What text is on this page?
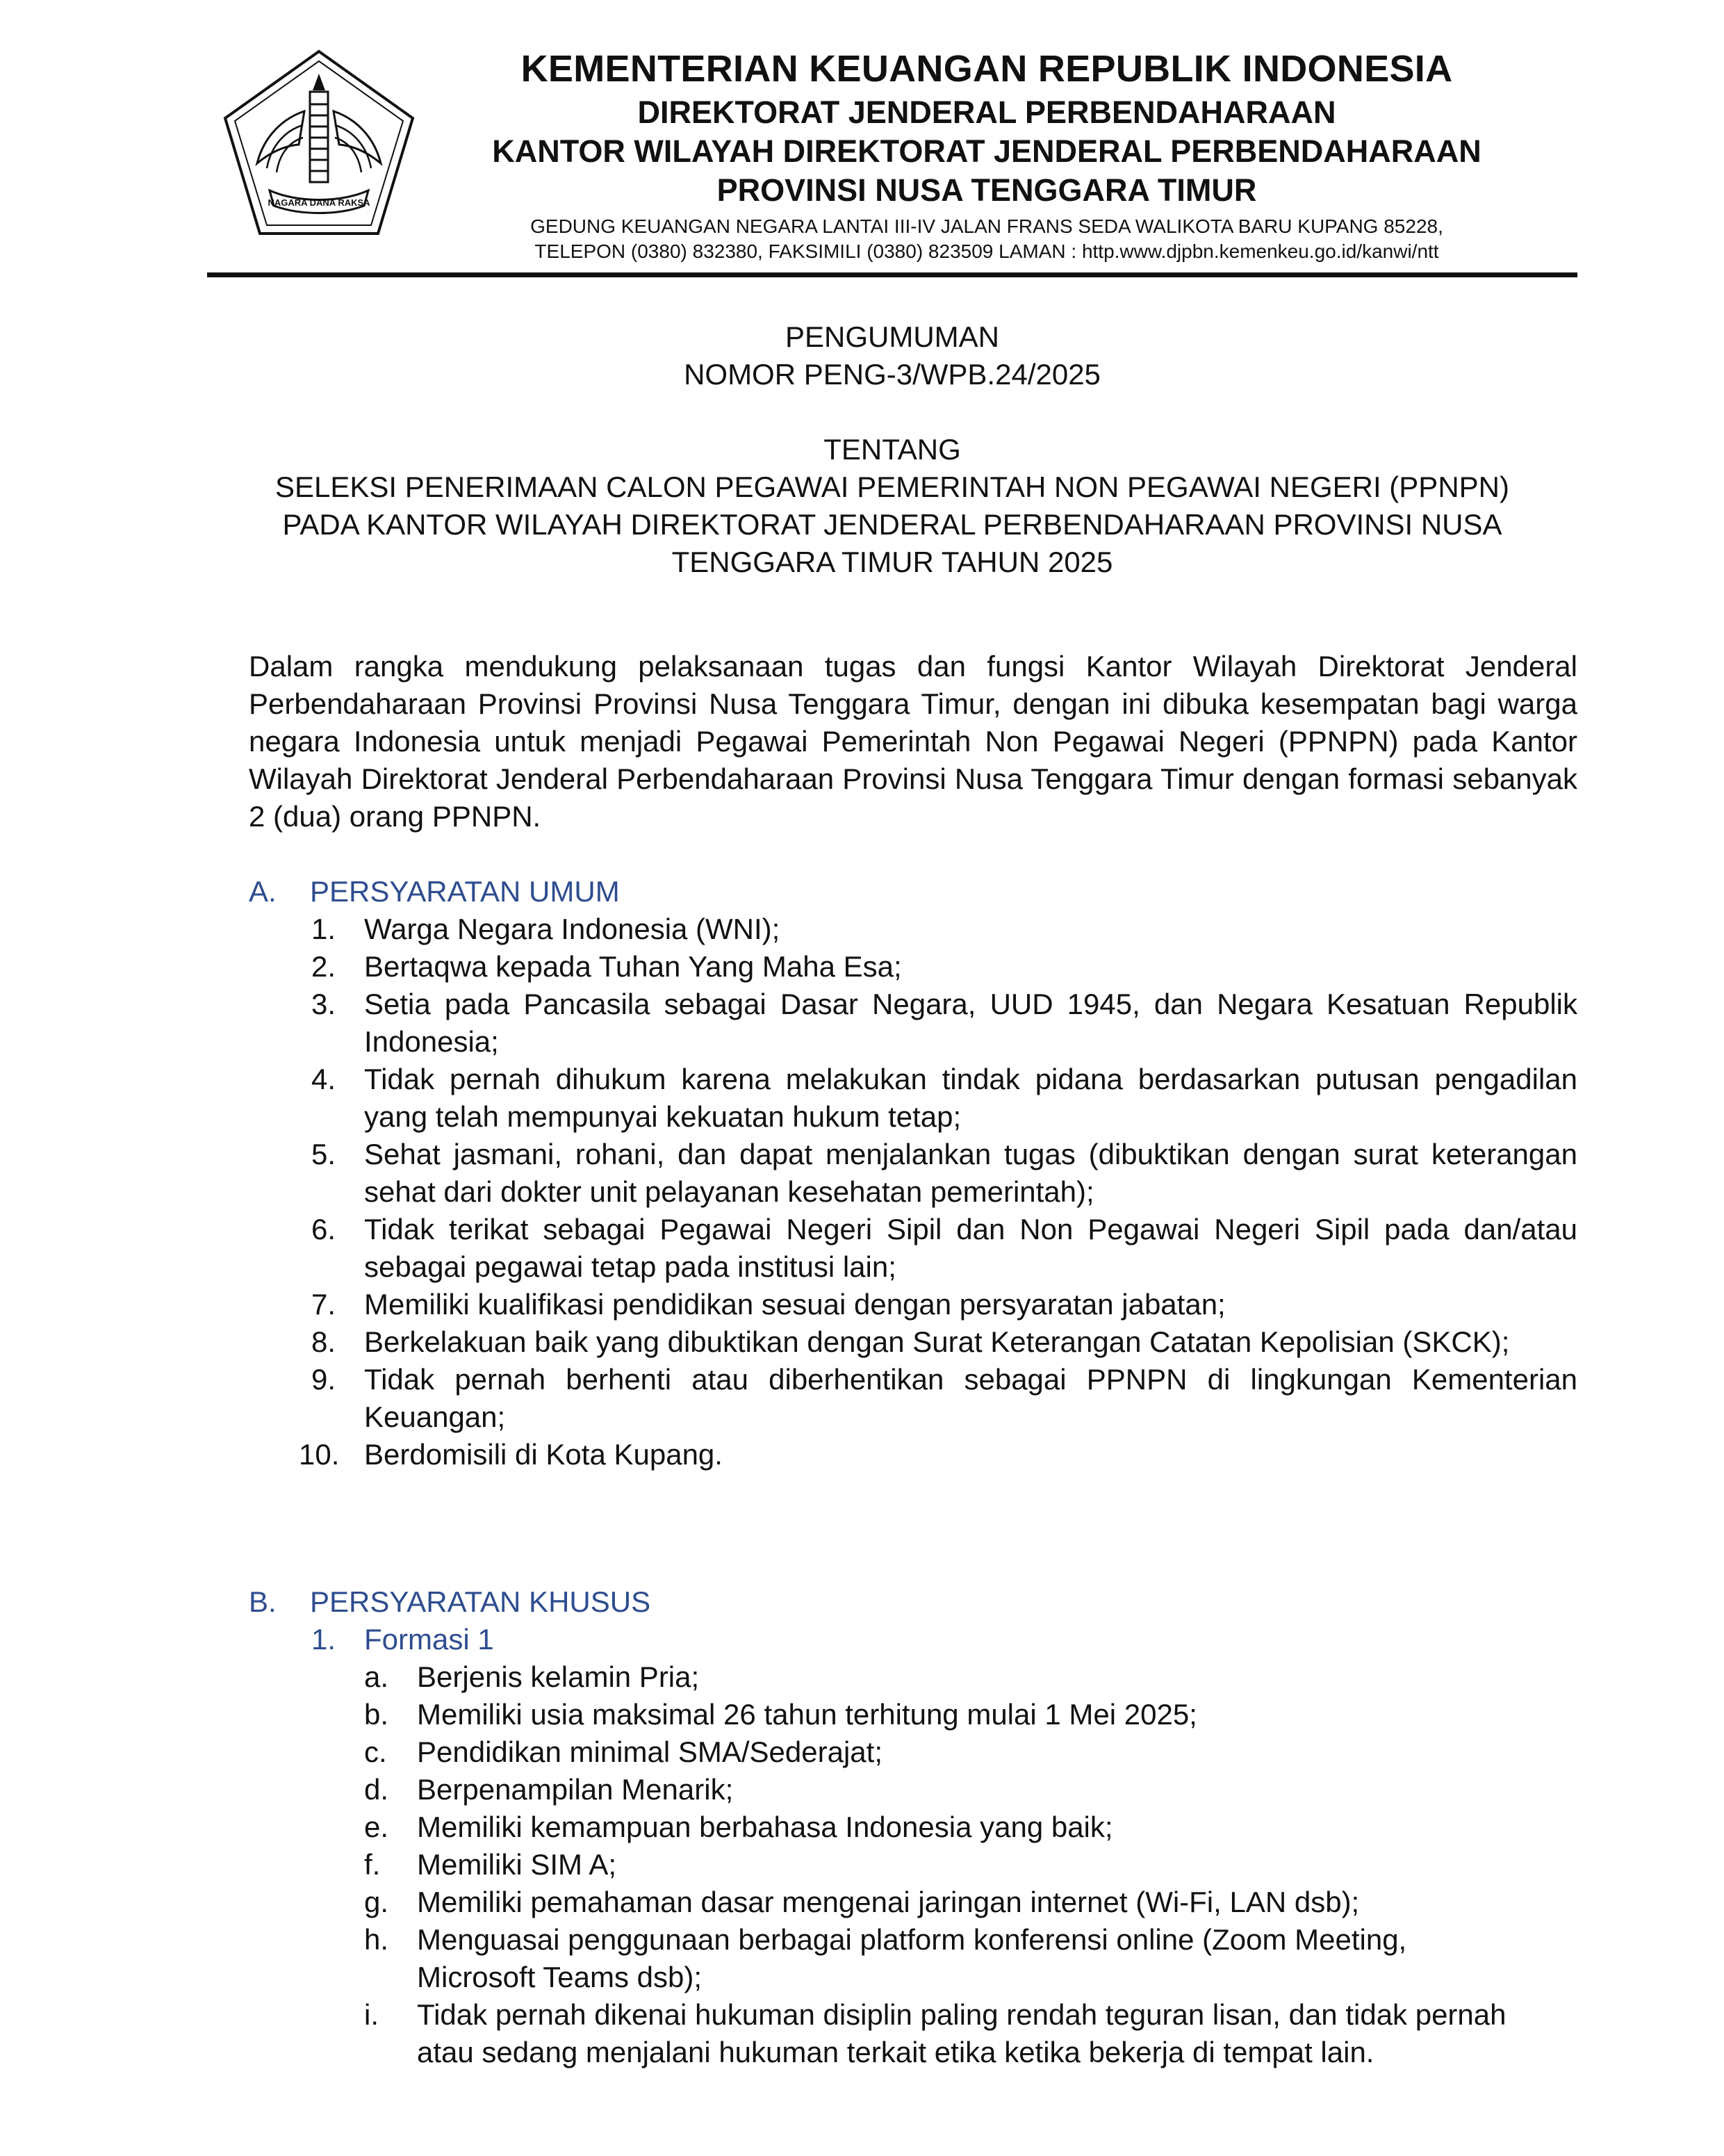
NAGARA DANA RAKSA
KEMENTERIAN KEUANGAN REPUBLIK INDONESIA
DIREKTORAT JENDERAL PERBENDAHARAAN
KANTOR WILAYAH DIREKTORAT JENDERAL PERBENDAHARAAN
PROVINSI NUSA TENGGARA TIMUR
GEDUNG KEUANGAN NEGARA LANTAI III-IV JALAN FRANS SEDA WALIKOTA BARU KUPANG 85228,
TELEPON (0380) 832380, FAKSIMILI (0380) 823509 LAMAN : http.www.djpbn.kemenkeu.go.id/kanwi/ntt
PENGUMUMAN
NOMOR PENG-3/WPB.24/2025
TENTANG
SELEKSI PENERIMAAN CALON PEGAWAI PEMERINTAH NON PEGAWAI NEGERI (PPNPN)
PADA KANTOR WILAYAH DIREKTORAT JENDERAL PERBENDAHARAAN PROVINSI NUSA
TENGGARA TIMUR TAHUN 2025
Dalam rangka mendukung pelaksanaan tugas dan fungsi Kantor Wilayah Direktorat Jenderal Perbendaharaan Provinsi Provinsi Nusa Tenggara Timur, dengan ini dibuka kesempatan bagi warga negara Indonesia untuk menjadi Pegawai Pemerintah Non Pegawai Negeri (PPNPN) pada Kantor Wilayah Direktorat Jenderal Perbendaharaan Provinsi Nusa Tenggara Timur dengan formasi sebanyak 2 (dua) orang PPNPN.
A. PERSYARATAN UMUM
1. Warga Negara Indonesia (WNI);
2. Bertaqwa kepada Tuhan Yang Maha Esa;
3. Setia pada Pancasila sebagai Dasar Negara, UUD 1945, dan Negara Kesatuan Republik Indonesia;
4. Tidak pernah dihukum karena melakukan tindak pidana berdasarkan putusan pengadilan yang telah mempunyai kekuatan hukum tetap;
5. Sehat jasmani, rohani, dan dapat menjalankan tugas (dibuktikan dengan surat keterangan sehat dari dokter unit pelayanan kesehatan pemerintah);
6. Tidak terikat sebagai Pegawai Negeri Sipil dan Non Pegawai Negeri Sipil pada dan/atau sebagai pegawai tetap pada institusi lain;
7. Memiliki kualifikasi pendidikan sesuai dengan persyaratan jabatan;
8. Berkelakuan baik yang dibuktikan dengan Surat Keterangan Catatan Kepolisian (SKCK);
9. Tidak pernah berhenti atau diberhentikan sebagai PPNPN di lingkungan Kementerian Keuangan;
10. Berdomisili di Kota Kupang.
B. PERSYARATAN KHUSUS
1. Formasi 1
a. Berjenis kelamin Pria;
b. Memiliki usia maksimal 26 tahun terhitung mulai 1 Mei 2025;
c.	Pendidikan minimal SMA/Sederajat;
d. Berpenampilan Menarik;
e. Memiliki kemampuan berbahasa Indonesia yang baik;
f.	Memiliki SIM A;
g. Memiliki pemahaman dasar mengenai jaringan internet (Wi-Fi, LAN dsb);
h. Menguasai penggunaan berbagai platform konferensi online (Zoom Meeting, Microsoft Teams dsb);
i.	Tidak pernah dikenai hukuman disiplin paling rendah teguran lisan, dan tidak pernah atau sedang menjalani hukuman terkait etika ketika bekerja di tempat lain.
